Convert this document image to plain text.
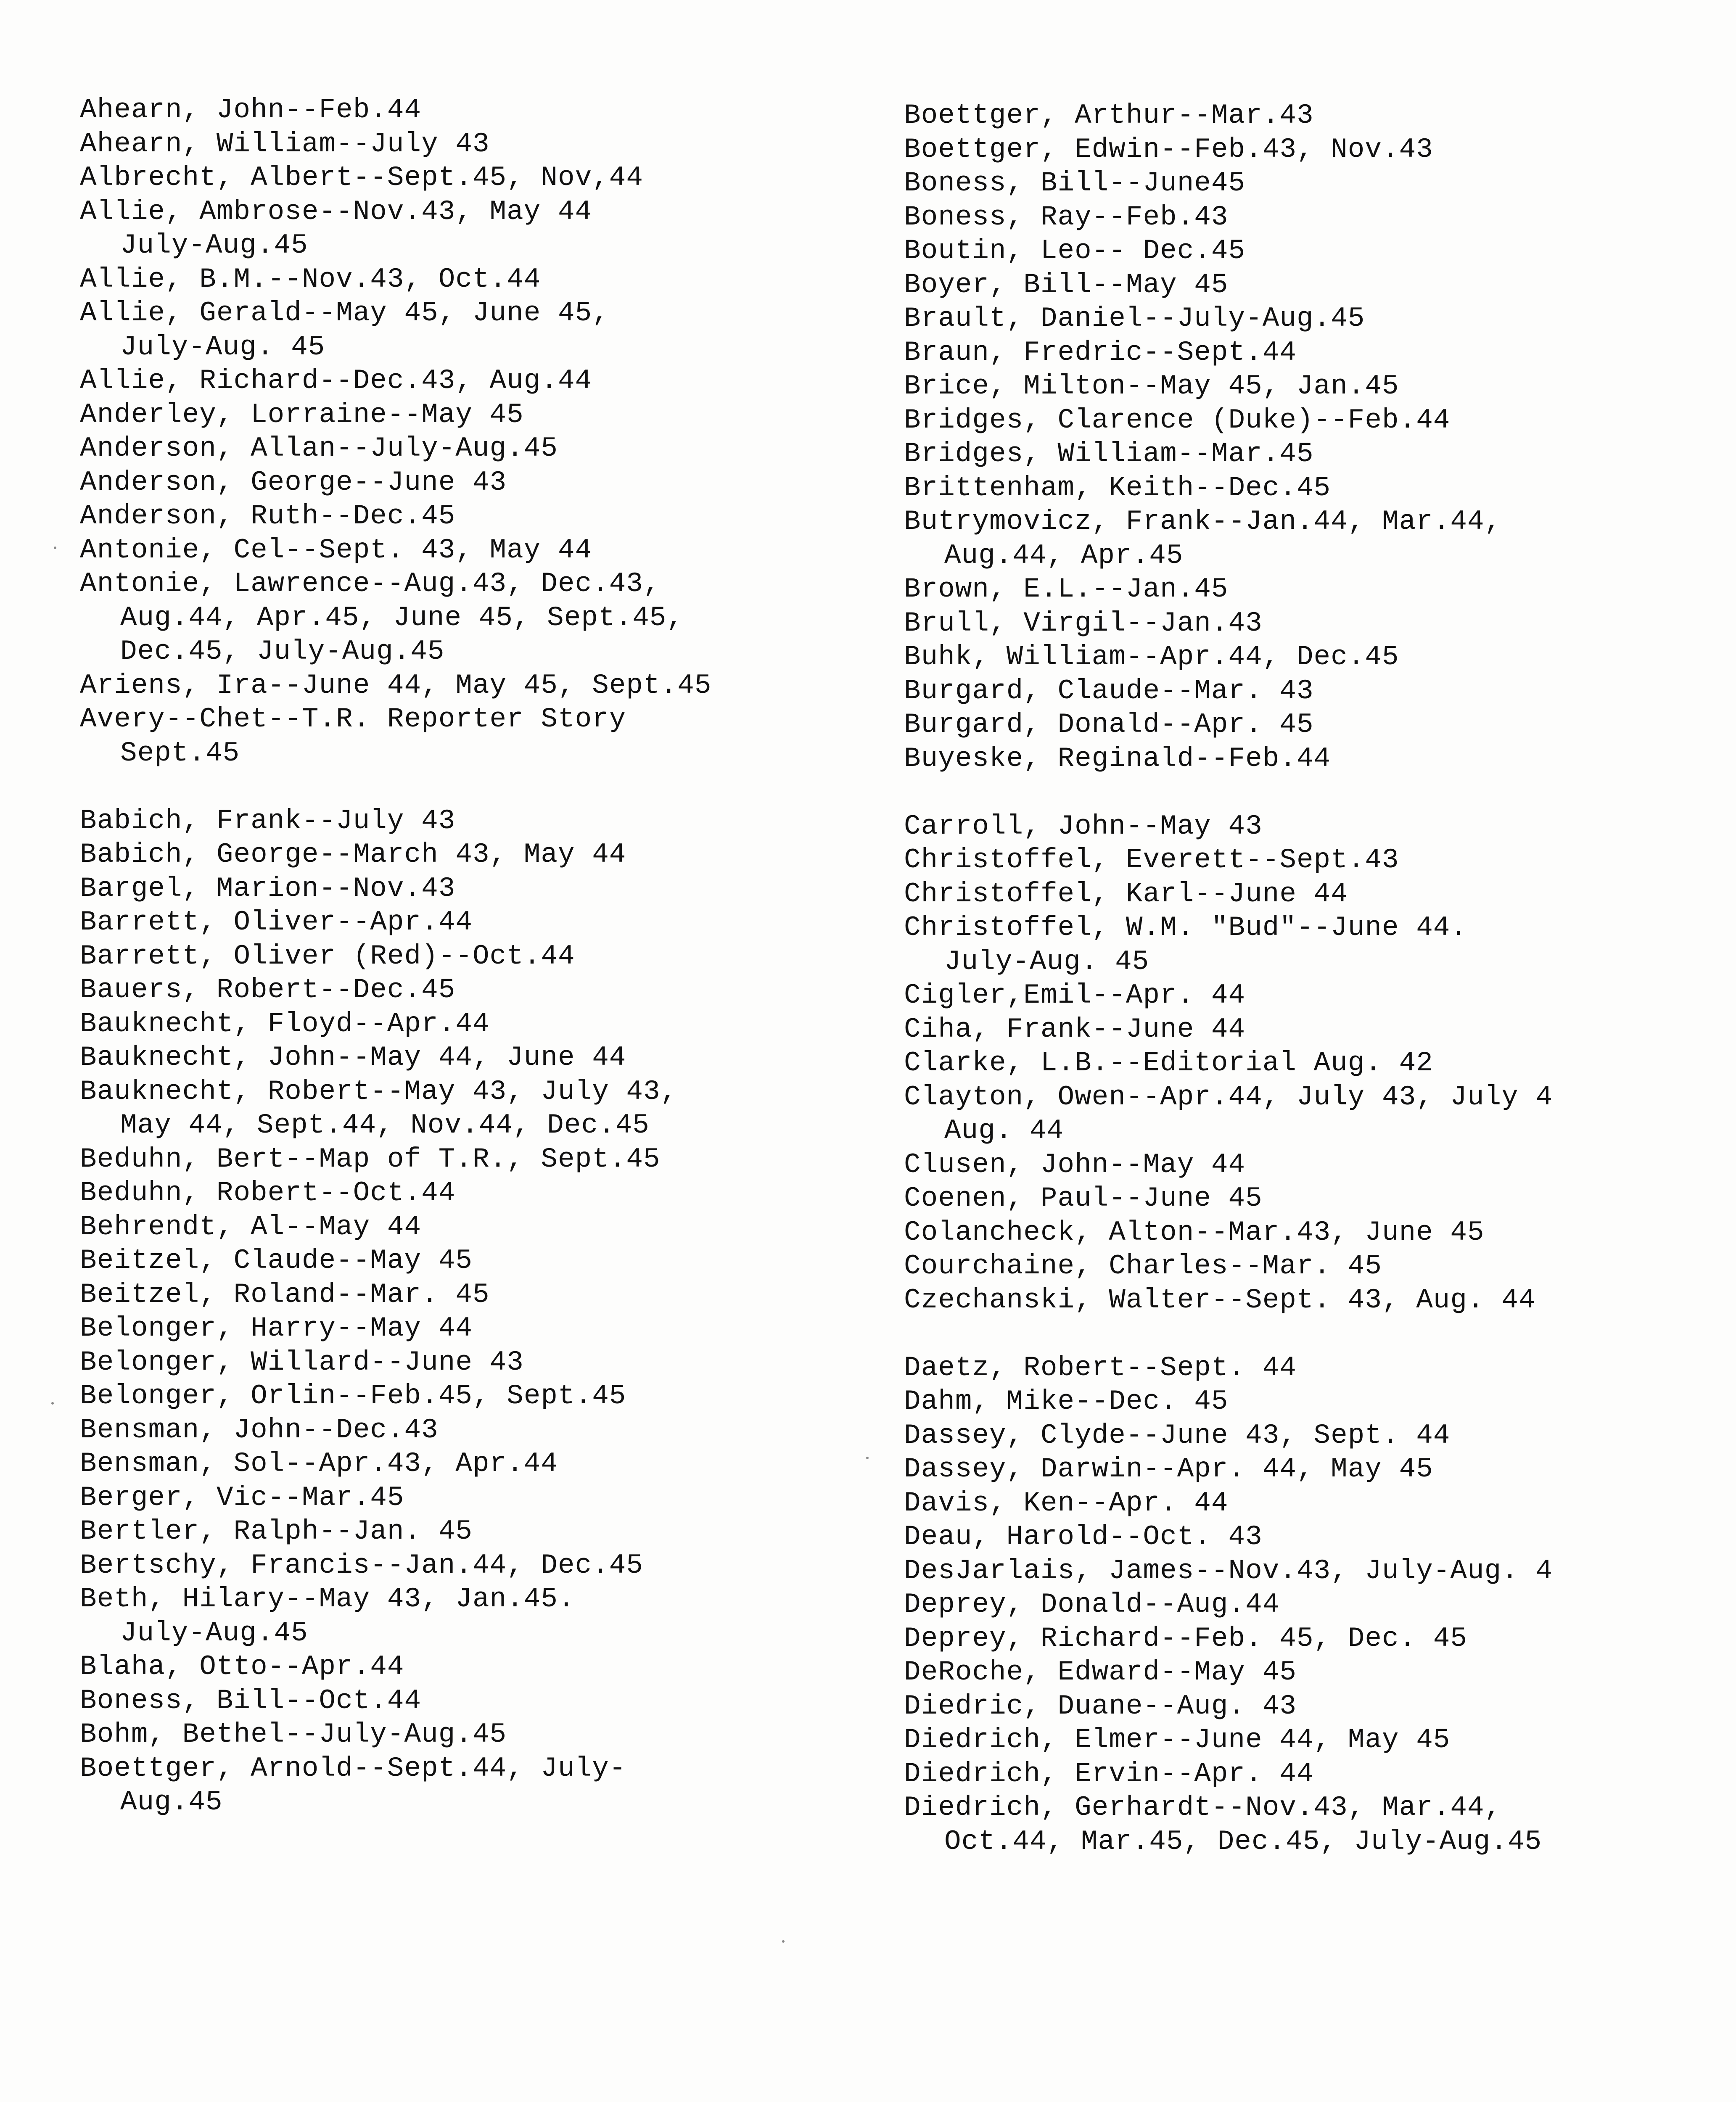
Ahearn, John--Feb.44
Ahearn, William--July 43
Albrecht, Albert--Sept.45, Nov,44
Allie, Ambrose--Nov.43, May 44
July-Aug.45
Allie, B.M.--Nov.43, Oct.44
Allie, Gerald--May 45, June 45,
July-Aug. 45
Allie, Richard--Dec.43, Aug.44
Anderley, Lorraine--May 45
Anderson, Allan--July-Aug.45
Anderson, George--June 43
Anderson, Ruth--Dec.45
Antonie, Cel--Sept. 43, May 44
Antonie, Lawrence--Aug.43, Dec.43,
Aug.44, Apr.45, June 45, Sept.45,
Dec.45, July-Aug.45
Ariens, Ira--June 44, May 45, Sept.45
Avery--Chet--T.R. Reporter Story
Sept.45
Babich, Frank--July 43
Babich, George--March 43, May 44
Bargel, Marion--Nov.43
Barrett, Oliver--Apr.44
Barrett, Oliver (Red)--Oct.44
Bauers, Robert--Dec.45
Bauknecht, Floyd--Apr.44
Bauknecht, John--May 44, June 44
Bauknecht, Robert--May 43, July 43,
May 44, Sept.44, Nov.44, Dec.45
Beduhn, Bert--Map of T.R., Sept.45
Beduhn, Robert--Oct.44
Behrendt, Al--May 44
Beitzel, Claude--May 45
Beitzel, Roland--Mar. 45
Belonger, Harry--May 44
Belonger, Willard--June 43
Belonger, Orlin--Feb.45, Sept.45
Bensman, John--Dec.43
Bensman, Sol--Apr.43, Apr.44
Berger, Vic--Mar.45
Bertler, Ralph--Jan. 45
Bertschy, Francis--Jan.44, Dec.45
Beth, Hilary--May 43, Jan.45.
July-Aug.45
Blaha, Otto--Apr.44
Boness, Bill--Oct.44
Bohm, Bethel--July-Aug.45
Boettger, Arnold--Sept.44, July-
Aug.45
Boettger, Arthur--Mar.43
Boettger, Edwin--Feb.43, Nov.43
Boness, Bill--June45
Boness, Ray--Feb.43
Boutin, Leo-- Dec.45
Boyer, Bill--May 45
Brault, Daniel--July-Aug.45
Braun, Fredric--Sept.44
Brice, Milton--May 45, Jan.45
Bridges, Clarence (Duke)--Feb.44
Bridges, William--Mar.45
Brittenham, Keith--Dec.45
Butrymovicz, Frank--Jan.44, Mar.44,
Aug.44, Apr.45
Brown, E.L.--Jan.45
Brull, Virgil--Jan.43
Buhk, William--Apr.44, Dec.45
Burgard, Claude--Mar. 43
Burgard, Donald--Apr. 45
Buyeske, Reginald--Feb.44
Carroll, John--May 43
Christoffel, Everett--Sept.43
Christoffel, Karl--June 44
Christoffel, W.M. "Bud"--June 44.
July-Aug. 45
Cigler,Emil--Apr. 44
Ciha, Frank--June 44
Clarke, L.B.--Editorial Aug. 42
Clayton, Owen--Apr.44, July 43, July 4
Aug. 44
Clusen, John--May 44
Coenen, Paul--June 45
Colancheck, Alton--Mar.43, June 45
Courchaine, Charles--Mar. 45
Czechanski, Walter--Sept. 43, Aug. 44
Daetz, Robert--Sept. 44
Dahm, Mike--Dec. 45
Dassey, Clyde--June 43, Sept. 44
Dassey, Darwin--Apr. 44, May 45
Davis, Ken--Apr. 44
Deau, Harold--Oct. 43
DesJarlais, James--Nov.43, July-Aug. 4
Deprey, Donald--Aug.44
Deprey, Richard--Feb. 45, Dec. 45
DeRoche, Edward--May 45
Diedric, Duane--Aug. 43
Diedrich, Elmer--June 44, May 45
Diedrich, Ervin--Apr. 44
Diedrich, Gerhardt--Nov.43, Mar.44,
Oct.44, Mar.45, Dec.45, July-Aug.45
